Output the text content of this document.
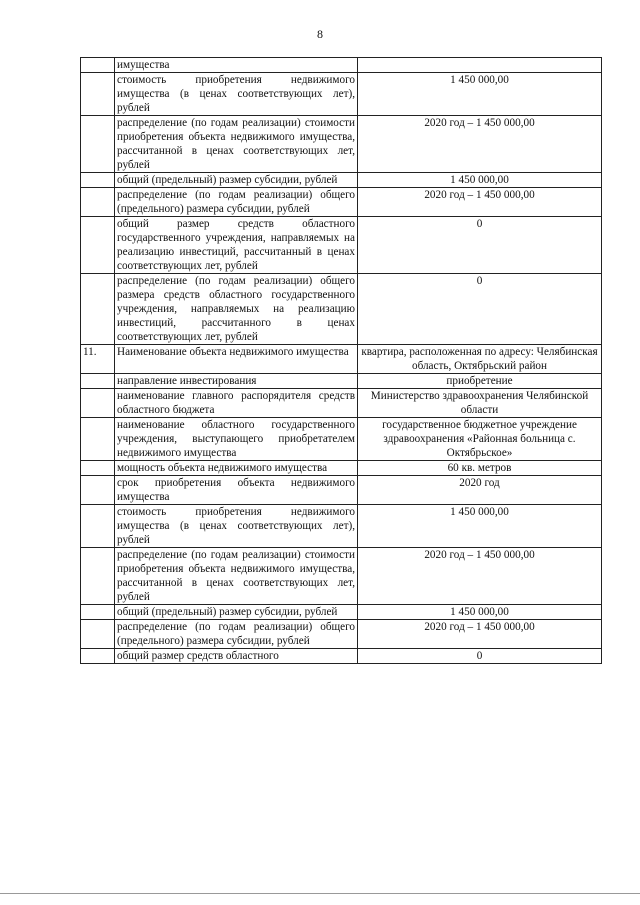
8
	имущества	
	стоимость приобретения недвижимого имущества (в ценах соответствующих лет), рублей	1 450 000,00
	распределение (по годам реализации) стоимости приобретения объекта недвижимого имущества, рассчитанной в ценах соответствующих лет, рублей	2020 год – 1 450 000,00
	общий (предельный) размер субсидии, рублей	1 450 000,00
	распределение (по годам реализации) общего (предельного) размера субсидии, рублей	2020 год – 1 450 000,00
	общий размер средств областного государственного учреждения, направляемых на реализацию инвестиций, рассчитанный в ценах соответствующих лет, рублей	0
	распределение (по годам реализации) общего размера средств областного государственного учреждения, направляемых на реализацию инвестиций, рассчитанного в ценах соответствующих лет, рублей	0
11.	Наименование объекта недвижимого имущества	квартира, расположенная по адресу: Челябинская область, Октябрьский район
	направление инвестирования	приобретение
	наименование главного распорядителя средств областного бюджета	Министерство здравоохранения Челябинской области
	наименование областного государственного учреждения, выступающего приобретателем недвижимого имущества	государственное бюджетное учреждение здравоохранения «Районная больница с. Октябрьское»
	мощность объекта недвижимого имущества	60 кв. метров
	срок приобретения объекта недвижимого имущества	2020 год
	стоимость приобретения недвижимого имущества (в ценах соответствующих лет), рублей	1 450 000,00
	распределение (по годам реализации) стоимости приобретения объекта недвижимого имущества, рассчитанной в ценах соответствующих лет, рублей	2020 год – 1 450 000,00
	общий (предельный) размер субсидии, рублей	1 450 000,00
	распределение (по годам реализации) общего (предельного) размера субсидии, рублей	2020 год – 1 450 000,00
	общий размер средств областного	0
